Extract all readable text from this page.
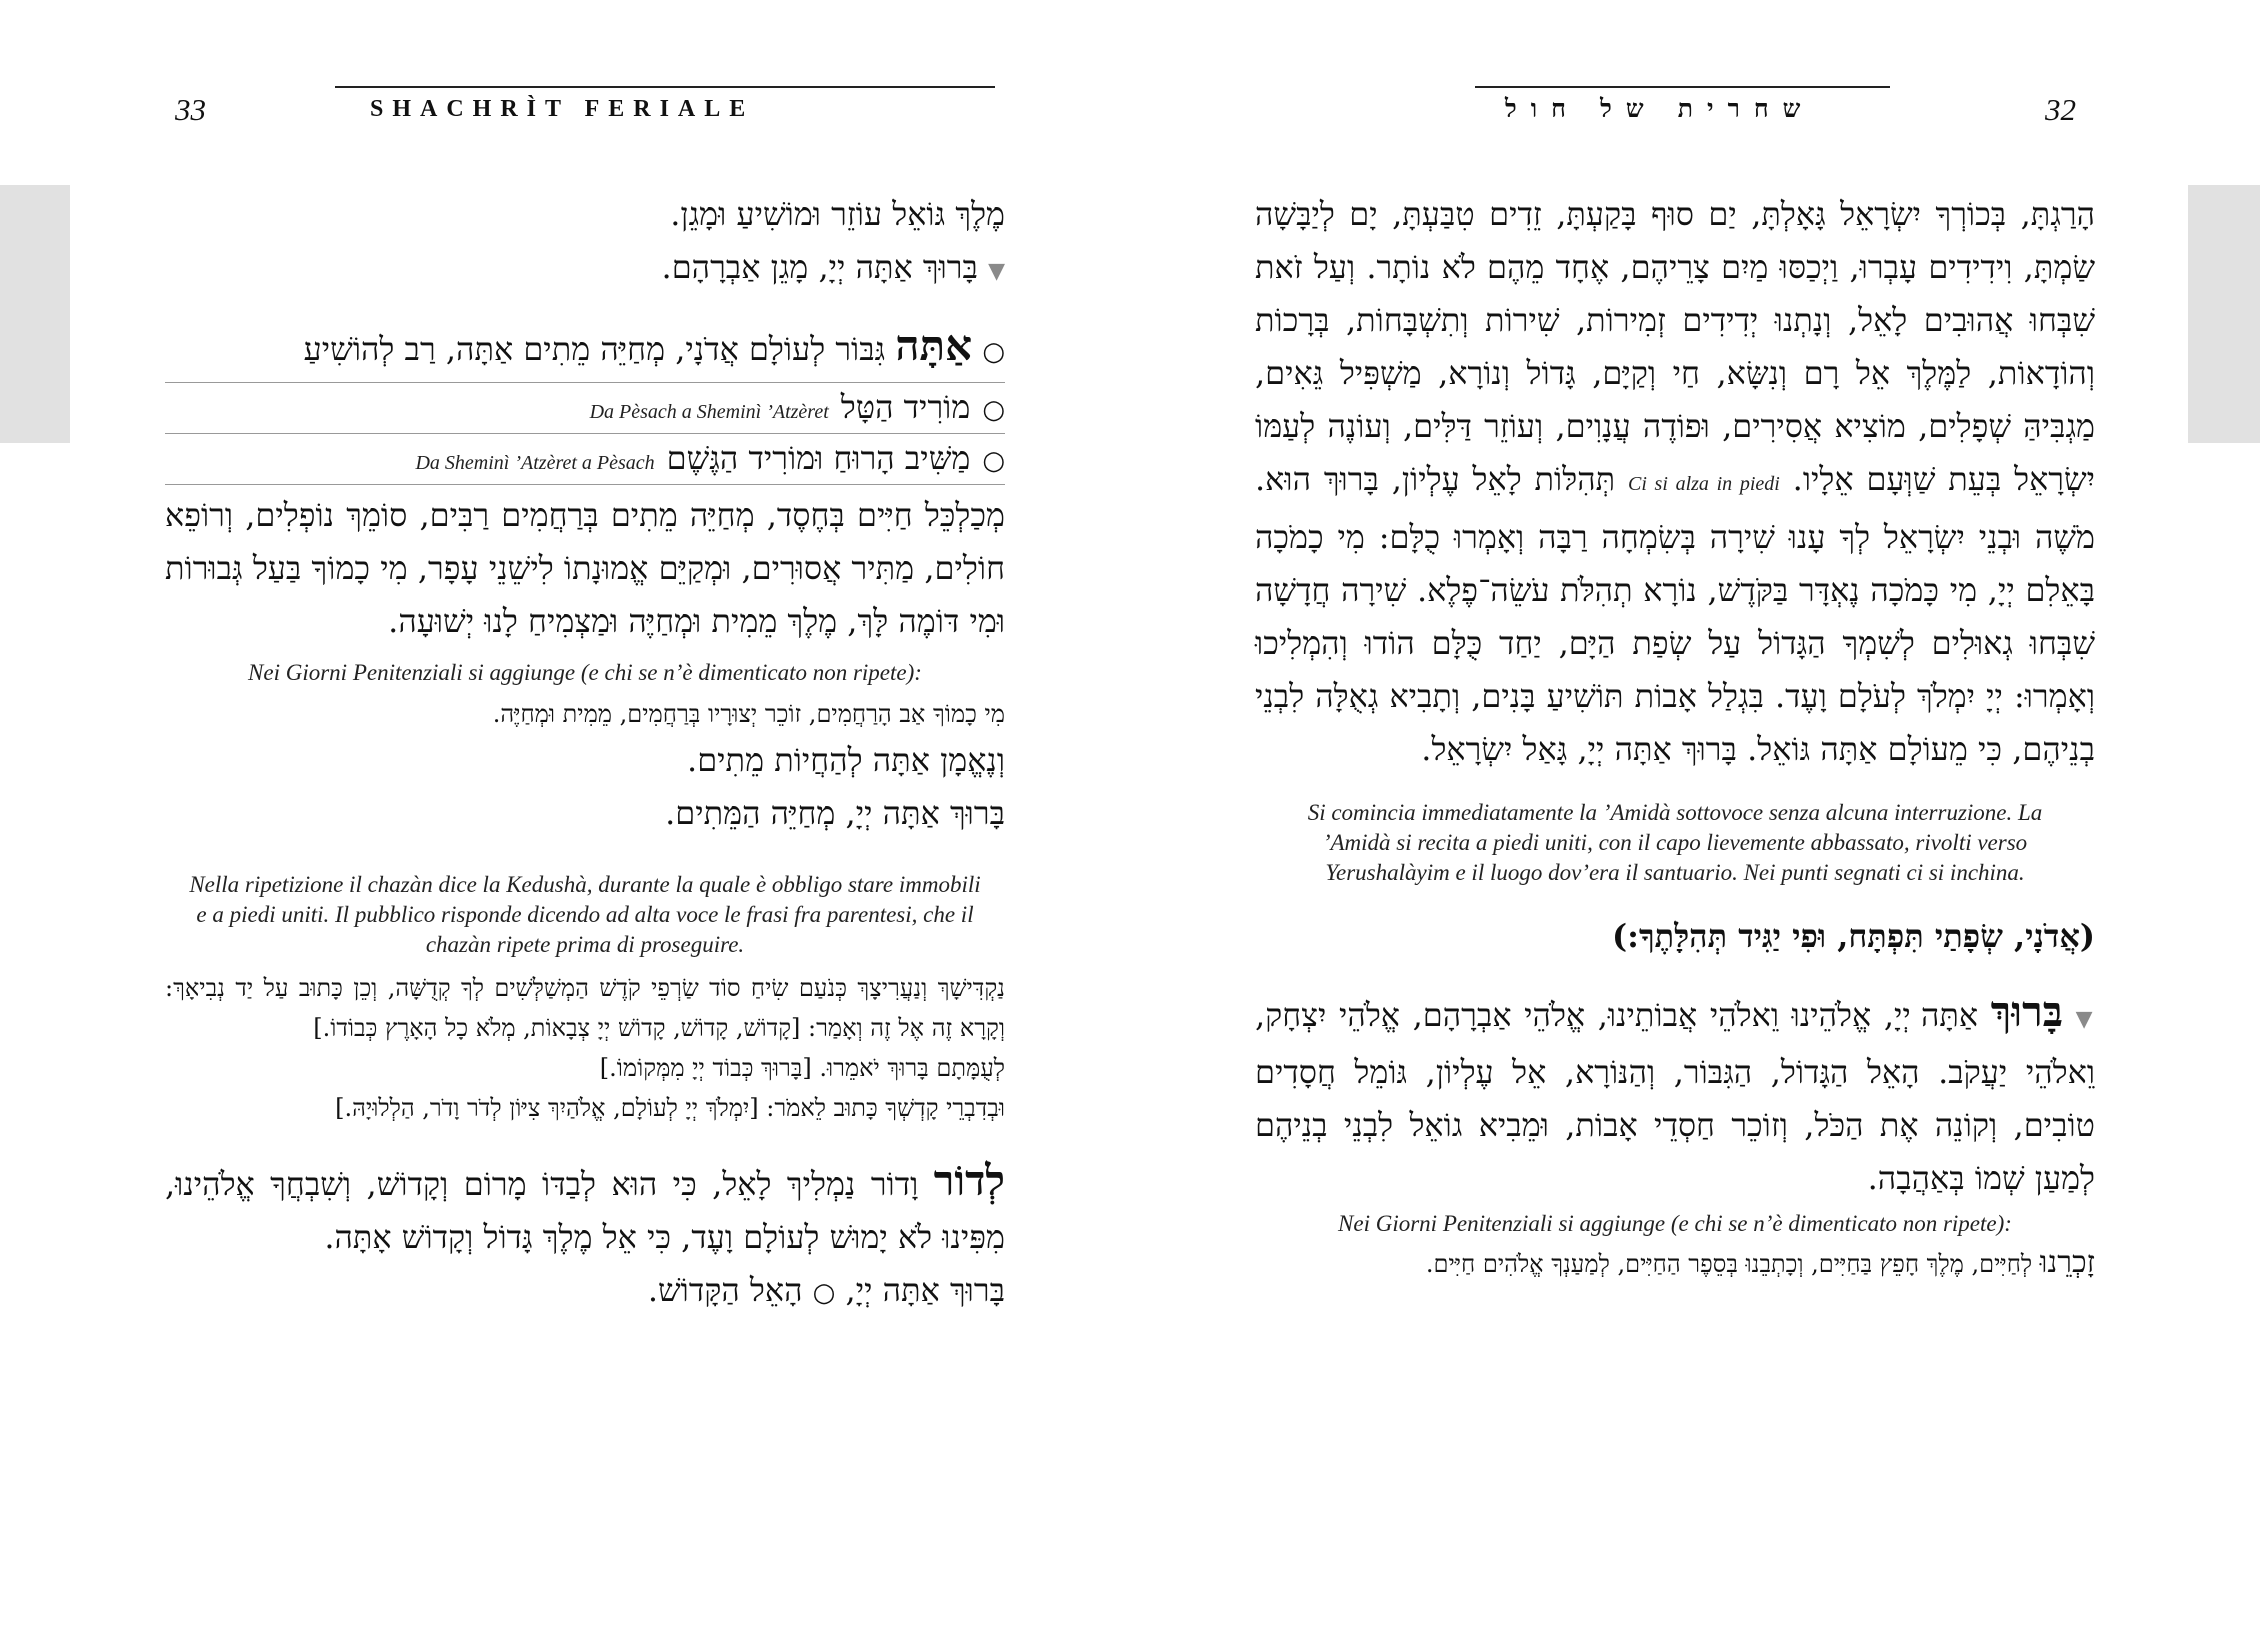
33	SHACHRÌT FERIALE

מֶלֶךְ גּוֹאֵל עוֹזֵר וּמוֹשִׁיעַ וּמָגֵן.

▼ בָּרוּךְ אַתָּה יְיָ, מָגֵן אַבְרָהָם.

○ אַתָּה גִּבּוֹר לְעוֹלָם אֲדֹנָי, מְחַיֵּה מֵתִים אַתָּה, רַב לְהוֹשִׁיעַ

○
מוֹרִיד הַטָּל
Da Pèsach a Sheminì ’Atzèret
○
מַשִּׁיב הָרוּחַ וּמוֹרִיד הַגֶּשֶׁם
Da Sheminì ’Atzèret a Pèsach

מְכַלְכֵּל חַיִּים בְּחֶסֶד, מְחַיֵּה מֵתִים בְּרַחֲמִים רַבִּים, סוֹמֵךְ נוֹפְלִים, וְרוֹפֵא חוֹלִים, מַתִּיר אֲסוּרִים, וּמְקַיֵּם אֱמוּנָתוֹ לִישֵׁנֵי עָפָר, מִי כָמוֹךָ בַּעַל גְּבוּרוֹת וּמִי דּוֹמֶה לָּךְ, מֶלֶךְ מֵמִית וּמְחַיֶּה וּמַצְמִיחַ לָנוּ יְשׁוּעָה.

Nei Giorni Penitenziali si aggiunge (e chi se n’è dimenticato non ripete):

מִי כָמוֹךָ אַב הָרַחֲמִים, זוֹכֵר יְצוּרָיו בְּרַחֲמִים, מֵמִית וּמְחַיֶּה.

וְנֶאֱמָן אַתָּה לְהַחֲיוֹת מֵתִים.

בָּרוּךְ אַתָּה יְיָ, מְחַיֵּה הַמֵּתִים.

Nella ripetizione il chazàn dice la Kedushà, durante la quale è obbligo stare immobili e a piedi uniti. Il pubblico risponde dicendo ad alta voce le frasi fra parentesi, che il chazàn ripete prima di proseguire.

נַקְדִּישָׁךְ וְנַעֲרִיצָךְ כְּנֹעַם שִׂיחַ סוֹד שַׂרְפֵי קֹדֶשׁ הַמְשַׁלְּשִׁים לְךָ קְדֻשָּׁה, וְכֵן כָּתוּב עַל יַד נְבִיאָךְ: וְקָרָא זֶה אֶל זֶה וְאָמַר: [קָדוֹשׁ, קָדוֹשׁ, קָדוֹשׁ יְיָ צְבָאוֹת, מְלֹא כָל הָאָרֶץ כְּבוֹדוֹ.]

לְעֻמָּתָם בָּרוּךְ יֹאמֵרוּ. [בָּרוּךְ כְּבוֹד יְיָ מִמְּקוֹמוֹ.]

וּבְדִבְרֵי קָדְשְׁךָ כָּתוּב לֵאמֹר: [יִמְלֹךְ יְיָ לְעוֹלָם, אֱלֹהַיִךְ צִיּוֹן לְדֹר וָדֹר, הַלְלוּיָהּ.]

לְדוֹר וָדוֹר נַמְלִיךְ לָאֵל, כִּי הוּא לְבַדּוֹ מָרוֹם וְקָדוֹשׁ, וְשִׁבְחֲךָ אֱלֹהֵינוּ, מִפִּינוּ לֹא יָמוּשׁ לְעוֹלָם וָעֶד, כִּי אֵל מֶלֶךְ גָּדוֹל וְקָדוֹשׁ אָתָּה.

בָּרוּךְ אַתָּה יְיָ, ○ הָאֵל הַקָּדוֹשׁ.

שחרית של חול	32

הָרַגְתָּ, בְּכוֹרְךָ יִשְׂרָאֵל גָּאָלְתָּ, יַם סוּף בָּקַעְתָּ, זֵדִים טִבַּעְתָּ, יָם לְיַבָּשָׁה שַׂמְתָּ, וִידִידִים עָבְרוּ, וַיְכַסּוּ מַיִם צָרֵיהֶם, אֶחָד מֵהֶם לֹא נוֹתָר. וְעַל זֹאת שִׁבְּחוּ אֲהוּבִים לָאֵל, וְנָתְנוּ יְדִידִים זְמִירוֹת, שִׁירוֹת וְתִשְׁבָּחוֹת, בְּרָכוֹת וְהוֹדָאוֹת, לַמֶּלֶךְ אֵל רָם וְנִשָּׂא, חַי וְקַיָּם, גָּדוֹל וְנוֹרָא, מַשְׁפִּיל גֵּאִים, מַגְבִּיהַּ שְׁפָלִים, מוֹצִיא אֲסִירִים, וּפוֹדֶה עֲנָוִים, וְעוֹזֵר דַּלִּים, וְעוֹנֶה לְעַמּוֹ יִשְׂרָאֵל בְּעֵת שַׁוְּעָם אֵלָיו. Ci si alza in piedi תְּהִלּוֹת לָאֵל עֶלְיוֹן, בָּרוּךְ הוּא. מֹשֶׁה וּבְנֵי יִשְׂרָאֵל לְךָ עָנוּ שִׁירָה בְּשִׂמְחָה רַבָּה וְאָמְרוּ כֻלָּם: מִי כָמֹכָה בָּאֵלִם יְיָ, מִי כָּמֹכָה נֶאְדָּר בַּקֹּדֶשׁ, נוֹרָא תְהִלֹּת עֹשֵׂה־פֶלֶא. שִׁירָה חֲדָשָׁה שִׁבְּחוּ גְאוּלִים לְשִׁמְךָ הַגָּדוֹל עַל שְׂפַת הַיָּם, יַחַד כֻּלָּם הוֹדוּ וְהִמְלִיכוּ וְאָמְרוּ: יְיָ יִמְלֹךְ לְעֹלָם וָעֶד. בִּגְלַל אָבוֹת תּוֹשִׁיעַ בָּנִים, וְתָבִיא גְאֻלָּה לִבְנֵי בְנֵיהֶם, כִּי מֵעוֹלָם אַתָּה גּוֹאֵל. בָּרוּךְ אַתָּה יְיָ, גָּאַל יִשְׂרָאֵל.

Si comincia immediatamente la ’Amidà sottovoce senza alcuna interruzione. La ’Amidà si recita a piedi uniti, con il capo lievemente abbassato, rivolti verso Yerushalàyim e il luogo dov’era il santuario. Nei punti segnati ci si inchina.

(אֲדֹנָי, שְׂפָתַי תִּפְתָּח, וּפִי יַגִּיד תְּהִלָּתֶךָ:)

▼ בָּרוּךְ אַתָּה יְיָ, אֱלֹהֵינוּ וֵאלֹהֵי אֲבוֹתֵינוּ, אֱלֹהֵי אַבְרָהָם, אֱלֹהֵי יִצְחָק, וֵאלֹהֵי יַעֲקֹב. הָאֵל הַגָּדוֹל, הַגִּבּוֹר, וְהַנּוֹרָא, אֵל עֶלְיוֹן, גּוֹמֵל חֲסָדִים טוֹבִים, וְקוֹנֵה אֶת הַכֹּל, וְזוֹכֵר חַסְדֵי אָבוֹת, וּמֵבִיא גוֹאֵל לִבְנֵי בְנֵיהֶם לְמַעַן שְׁמוֹ בְּאַהֲבָה.

Nei Giorni Penitenziali si aggiunge (e chi se n’è dimenticato non ripete):

זָכְרֵנוּ לְחַיִּים, מֶלֶךְ חָפֵץ בַּחַיִּים, וְכָתְבֵנוּ בְּסֵפֶר הַחַיִּים, לְמַעַנְךָ אֱלֹהִים חַיִּים.
